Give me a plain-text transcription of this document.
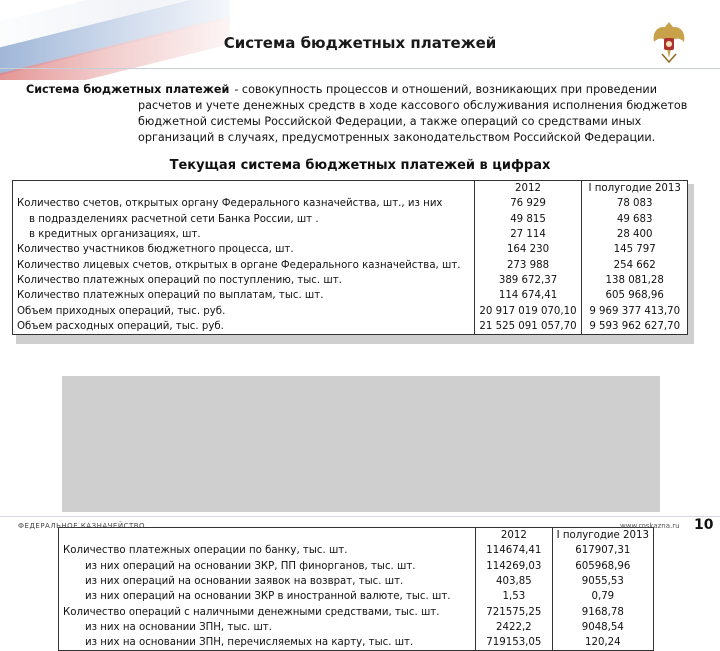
Система бюджетных платежей
Система бюджетных платежей - совокупность процессов и отношений, возникающих при проведении
расчетов и учете денежных средств в ходе кассового обслуживания исполнения бюджетов
бюджетной системы Российской Федерации, а также операций со средствами иных
организаций в случаях, предусмотренных законодательством Российской Федерации.
Текущая система бюджетных платежей в цифрах
	2012	I полугодие 2013
Количество счетов, открытых органу Федерального казначейства, шт., из них	76 929	78 083
в подразделениях расчетной сети Банка России, шт .	49 815	49 683
в кредитных организациях, шт.	27 114	28 400
Количество участников бюджетного процесса, шт.	164 230	145 797
Количество лицевых счетов, открытых в органе Федерального казначейства, шт.	273 988	254 662
Количество платежных операций по поступлению, тыс. шт.	389 672,37	138 081,28
Количество платежных операций по выплатам, тыс. шт.	114 674,41	605 968,96
Объем приходных операций, тыс. руб.	20 917 019 070,10	9 969 377 413,70
Объем расходных операций, тыс. руб.	21 525 091 057,70	9 593 962 627,70
	2012	I полугодие 2013
Количество платежных операции по банку, тыс. шт.	114674,41	617907,31
из них операций на основании ЗКР, ПП финорганов, тыс. шт.	114269,03	605968,96
из них операций на основании заявок на возврат, тыс. шт.	403,85	9055,53
из них операций на основании ЗКР в иностранной валюте, тыс. шт.	1,53	0,79
Количество операций с наличными денежными средствами, тыс. шт.	721575,25	9168,78
из них на основании ЗПН, тыс. шт.	2422,2	9048,54
из них на основании ЗПН, перечисляемых на карту, тыс. шт.	719153,05	120,24
ФЕДЕРАЛЬНОЕ КАЗНАЧЕЙСТВО	www.roskazna.ru 10
